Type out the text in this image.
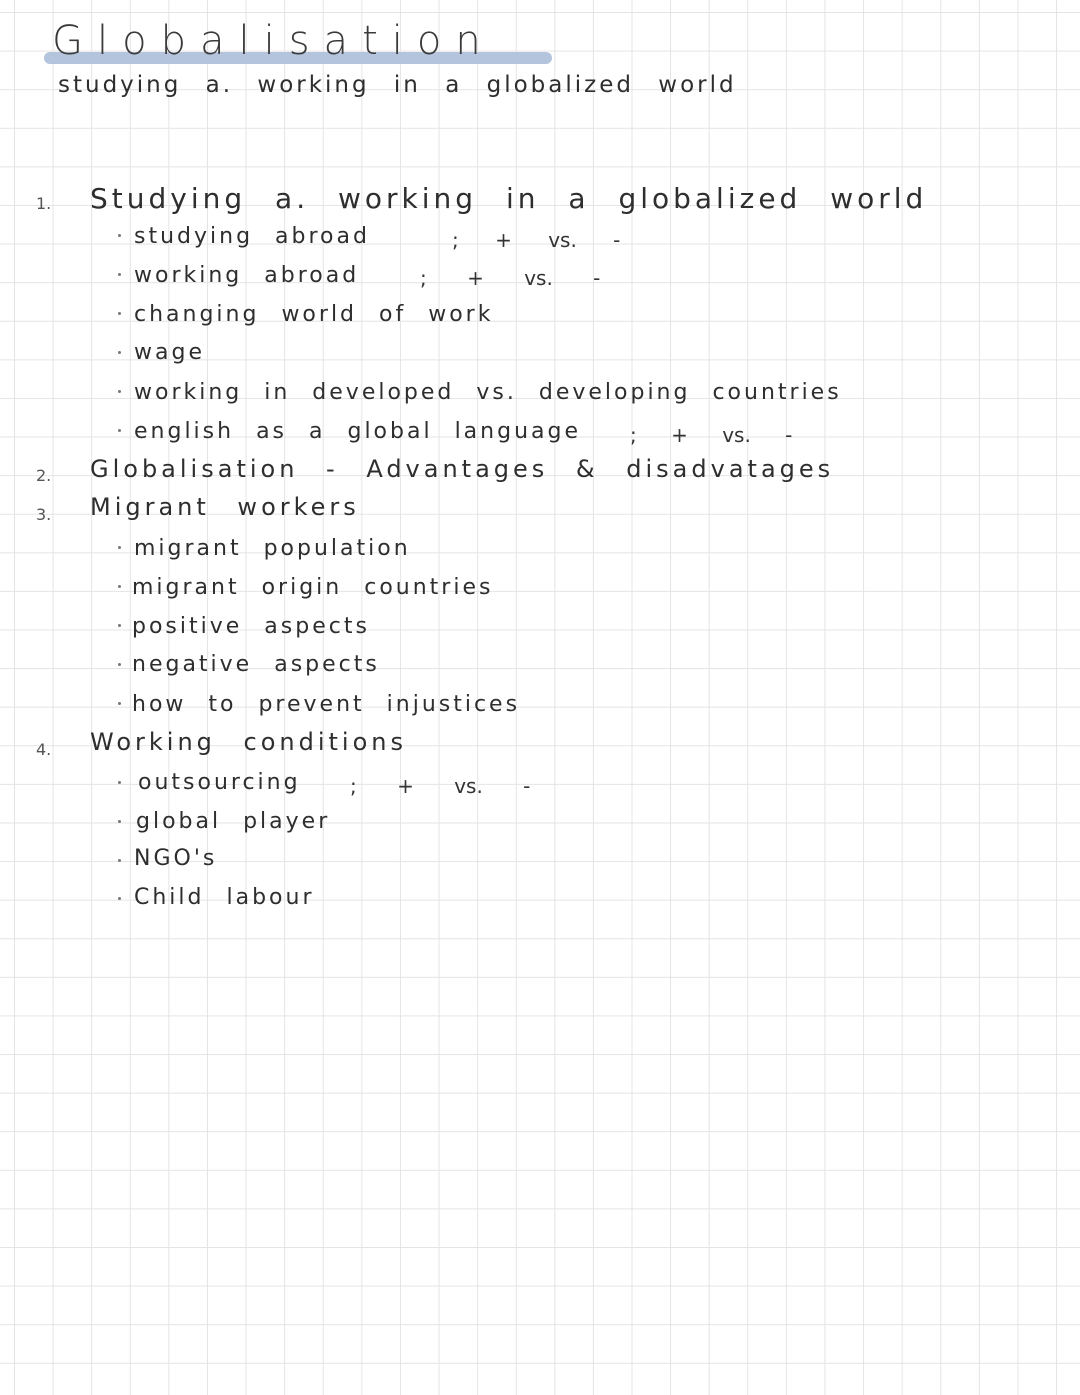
Globalisation
studying a. working in a globalized world
1. Studying a. working in a globalized world
studying abroad	; + vs. -
working abroad	; + vs. -
changing world of work
wage
working in developed vs. developing countries
english as a global language ; + vs. -
2. Globalisation - Advantages & disadvatages
3. Migrant workers
migrant population
migrant origin countries
positive aspects
negative aspects
how to prevent injustices
4. Working conditions
outsourcing ; + vs. -
global player
NGO's
Child labour
